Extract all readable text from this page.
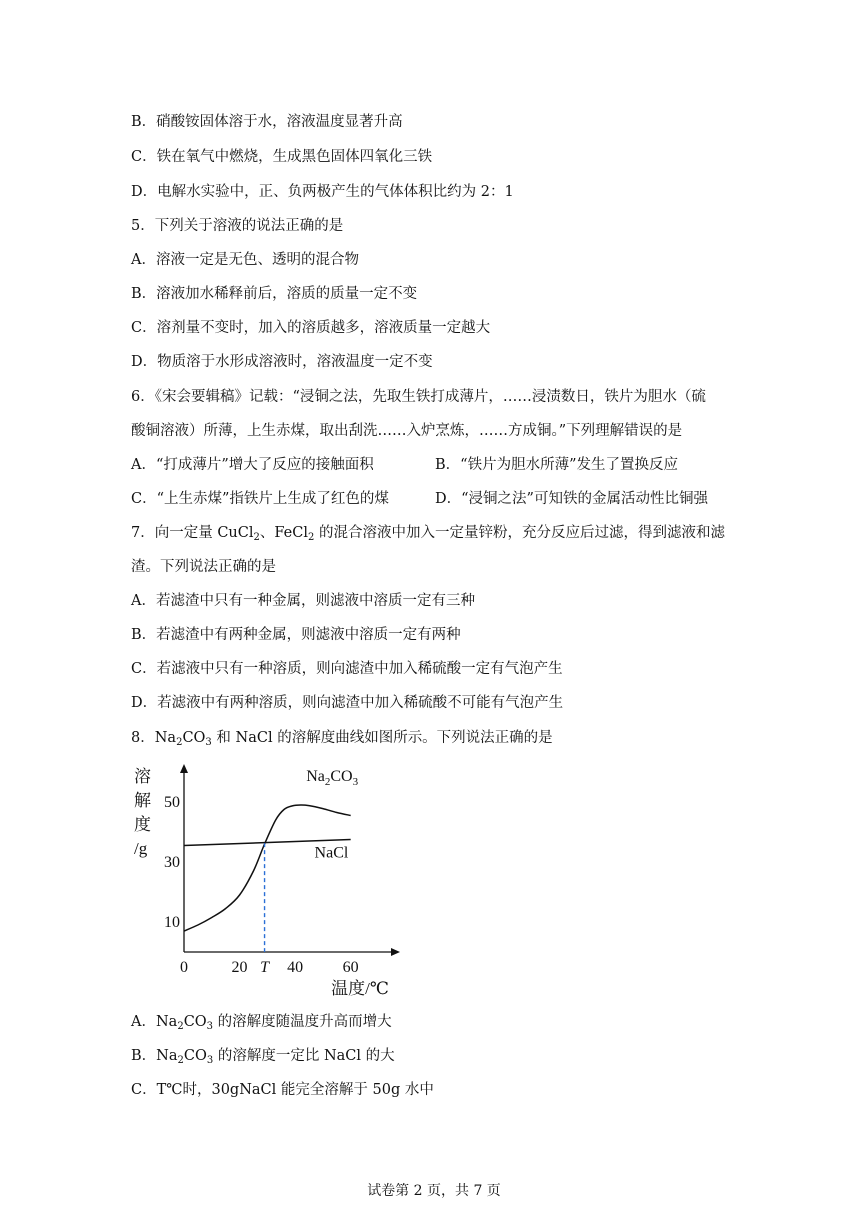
B．硝酸铵固体溶于水，溶液温度显著升高
C．铁在氧气中燃烧，生成黑色固体四氧化三铁
D．电解水实验中，正、负两极产生的气体体积比约为 2：1
5．下列关于溶液的说法正确的是
A．溶液一定是无色、透明的混合物
B．溶液加水稀释前后，溶质的质量一定不变
C．溶剂量不变时，加入的溶质越多，溶液质量一定越大
D．物质溶于水形成溶液时，溶液温度一定不变
6．《宋会要辑稿》记载：“浸铜之法，先取生铁打成薄片，……浸渍数日，铁片为胆水（硫
酸铜溶液）所薄，上生赤煤，取出刮洗……入炉烹炼，……方成铜。”下列理解错误的是
A．“打成薄片”增大了反应的接触面积	B．“铁片为胆水所薄”发生了置换反应
C．“上生赤煤”指铁片上生成了红色的煤	D．“浸铜之法”可知铁的金属活动性比铜强
7．向一定量 CuCl$_2$、FeCl$_2$ 的混合溶液中加入一定量锌粉，充分反应后过滤，得到滤液和滤
渣。下列说法正确的是
A．若滤渣中只有一种金属，则滤液中溶质一定有三种
B．若滤渣中有两种金属，则滤液中溶质一定有两种
C．若滤液中只有一种溶质，则向滤渣中加入稀硫酸一定有气泡产生
D．若滤液中有两种溶质，则向滤渣中加入稀硫酸不可能有气泡产生
8．$Na_2CO_3$ 和 NaCl 的溶解度曲线如图所示。下列说法正确的是
溶
解
度
/g
50
30
10
0	20 T 40 60
温度/℃
$Na_2CO_3$
NaCl
A．$Na_2CO_3$ 的溶解度随温度升高而增大
B．$Na_2CO_3$ 的溶解度一定比 NaCl 的大
C．T℃时，30gNaCl 能完全溶解于 50g 水中
试卷第 2 页，共 7 页
